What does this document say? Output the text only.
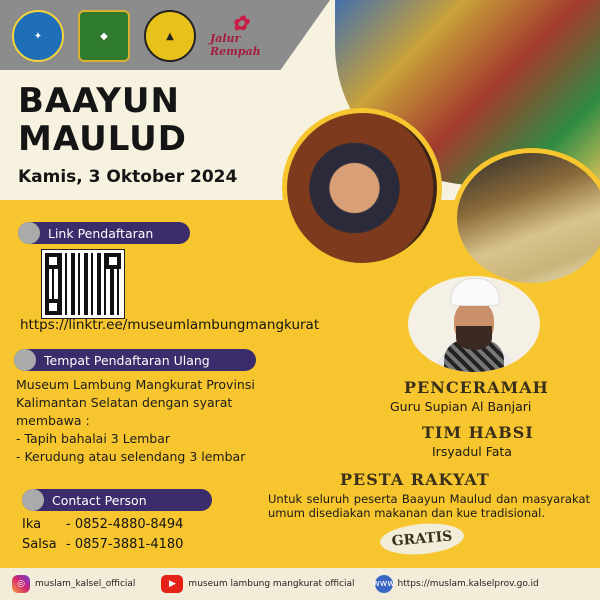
✦	◆	▲
✿
Jalur Rempah
BAAYUN
MAULUD
Kamis, 3 Oktober 2024
Link Pendaftaran
https://linktr.ee/museumlambungmangkurat
Tempat Pendaftaran Ulang
Museum Lambung Mangkurat Provinsi
Kalimantan Selatan dengan syarat
membawa :
- Tapih bahalai 3 Lembar
- Kerudung atau selendang 3 lembar
Contact Person
Ika	- 0852-4880-8494
Salsa - 0857-3881-4180
PENCERAMAH
Guru Supian Al Banjari
TIM HABSI
Irsyadul Fata
PESTA RAKYAT
Untuk seluruh peserta Baayun Maulud dan masyarakat umum disediakan makanan dan kue tradisional.
GRATIS
◎	muslam_kalsel_official	▶	museum lambung mangkurat official www https://muslam.kalselprov.go.id
